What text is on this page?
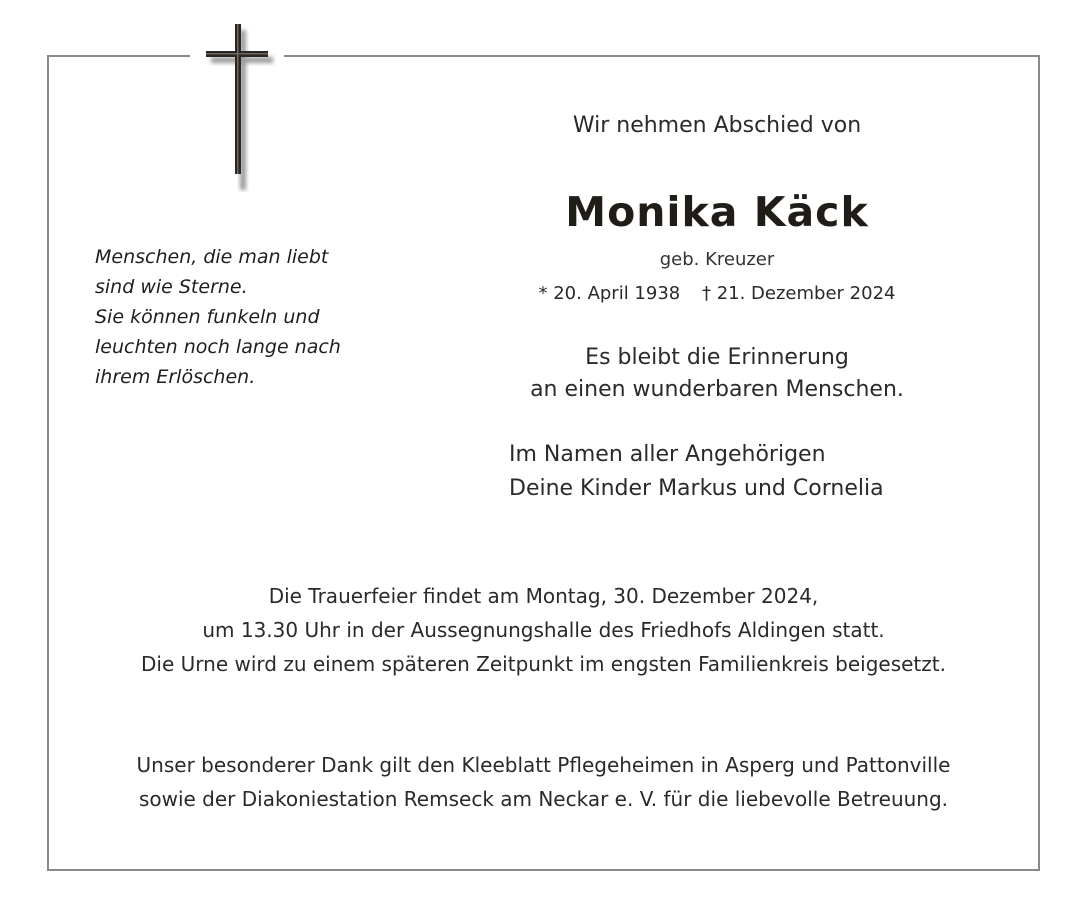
Menschen, die man liebt
sind wie Sterne.
Sie können funkeln und
leuchten noch lange nach
ihrem Erlöschen.
Wir nehmen Abschied von
Monika Käck
geb. Kreuzer
* 20. April 1938 † 21. Dezember 2024
Es bleibt die Erinnerung
an einen wunderbaren Menschen.
Im Namen aller Angehörigen
Deine Kinder Markus und Cornelia
Die Trauerfeier findet am Montag, 30. Dezember 2024,
um 13.30 Uhr in der Aussegnungshalle des Friedhofs Aldingen statt.
Die Urne wird zu einem späteren Zeitpunkt im engsten Familienkreis beigesetzt.
Unser besonderer Dank gilt den Kleeblatt Pflegeheimen in Asperg und Pattonville
sowie der Diakoniestation Remseck am Neckar e. V. für die liebevolle Betreuung.
